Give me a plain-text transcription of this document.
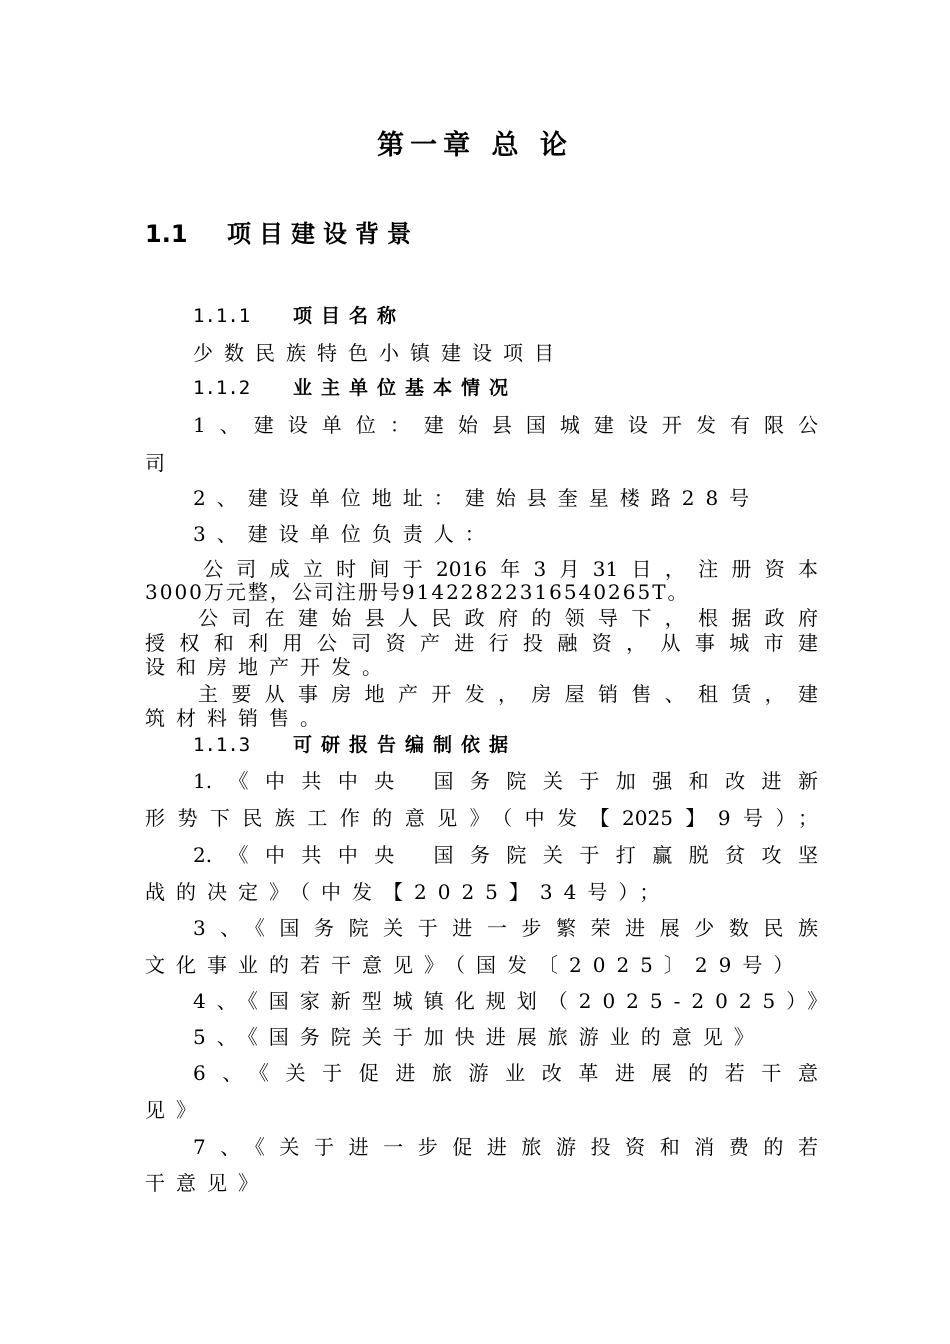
第一章 总 论
1.1 项目建设背景
1.1.1 项目名称
少数民族特色小镇建设项目
1.1.2 业主单位基本情况
1、建设单位：建始县国城建设开发有限公
司
2、建设单位地址：建始县奎星楼路28号
3、建设单位负责人：
公司成立时间于2016年3月31日，注册资本
3000万元整，公司注册号91422822316540265T。
公司在建始县人民政府的领导下，根据政府
授权和利用公司资产进行投融资，从事城市建
设和房地产开发。
主要从事房地产开发，房屋销售、租赁，建
筑材料销售。
1.1.3 可研报告编制依据
1.《中共中央 国务院关于加强和改进新
形势下民族工作的意见》（中发【2025】9号）；
2.《中共中央 国务院关于打赢脱贫攻坚
战的决定》（中发【2025】34号）；
3、《国务院关于进一步繁荣进展少数民族
文化事业的若干意见》（国发〔2025〕29号）
4、《国家新型城镇化规划（2025-2025）》
5、《国务院关于加快进展旅游业的意见》
6、《关于促进旅游业改革进展的若干意
见》
7、《关于进一步促进旅游投资和消费的若
干意见》
